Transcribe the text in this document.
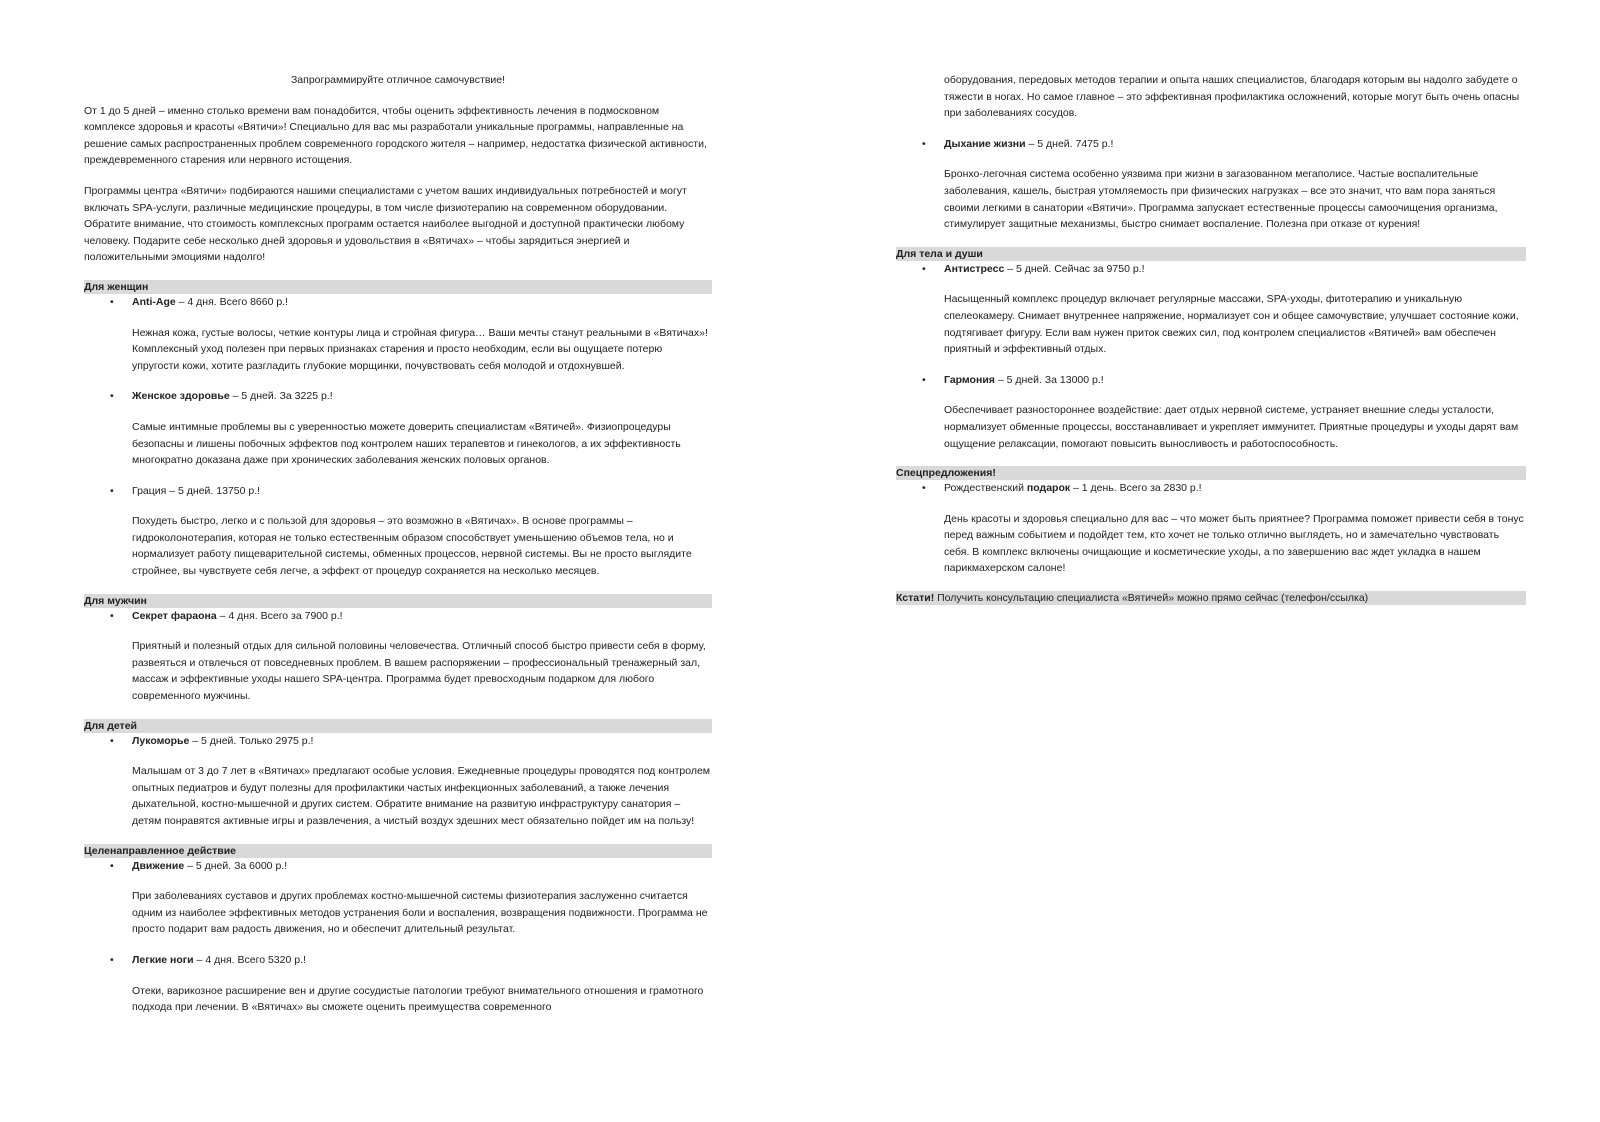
Запрограммируйте отличное самочувствие!

От 1 до 5 дней – именно столько времени вам понадобится, чтобы оценить эффективность лечения в подмосковном комплексе здоровья и красоты «Вятичи»! Специально для вас мы разработали уникальные программы, направленные на решение самых распространенных проблем современного городского жителя – например, недостатка физической активности, преждевременного старения или нервного истощения.

Программы центра «Вятичи» подбираются нашими специалистами с учетом ваших индивидуальных потребностей и могут включать SPA-услуги, различные медицинские процедуры, в том числе физиотерапию на современном оборудовании. Обратите внимание, что стоимость комплексных программ остается наиболее выгодной и доступной практически любому человеку. Подарите себе несколько дней здоровья и удовольствия в «Вятичах» – чтобы зарядиться энергией и положительными эмоциями надолго!

Для женщин
• Anti-Age – 4 дня. Всего 8660 р.!
Нежная кожа, густые волосы, четкие контуры лица и стройная фигура… Ваши мечты станут реальными в «Вятичах»! Комплексный уход полезен при первых признаках старения и просто необходим, если вы ощущаете потерю упругости кожи, хотите разгладить глубокие морщинки, почувствовать себя молодой и отдохнувшей.
• Женское здоровье – 5 дней. За 3225 р.!
Самые интимные проблемы вы с уверенностью можете доверить специалистам «Вятичей». Физиопроцедуры безопасны и лишены побочных эффектов под контролем наших терапевтов и гинекологов, а их эффективность многократно доказана даже при хронических заболевания женских половых органов.
• Грация – 5 дней. 13750 р.!
Похудеть быстро, легко и с пользой для здоровья – это возможно в «Вятичах». В основе программы – гидроколонотерапия, которая не только естественным образом способствует уменьшению объемов тела, но и нормализует работу пищеварительной системы, обменных процессов, нервной системы. Вы не просто выглядите стройнее, вы чувствуете себя легче, а эффект от процедур сохраняется на несколько месяцев.
Для мужчин
• Секрет фараона – 4 дня. Всего за 7900 р.!
Приятный и полезный отдых для сильной половины человечества. Отличный способ быстро привести себя в форму, развеяться и отвлечься от повседневных проблем. В вашем распоряжении – профессиональный тренажерный зал, массаж и эффективные уходы нашего SPA-центра. Программа будет превосходным подарком для любого современного мужчины.
Для детей
• Лукоморье – 5 дней. Только 2975 р.!
Малышам от 3 до 7 лет в «Вятичах» предлагают особые условия. Ежедневные процедуры проводятся под контролем опытных педиатров и будут полезны для профилактики частых инфекционных заболеваний, а также лечения дыхательной, костно-мышечной и других систем. Обратите внимание на развитую инфраструктуру санатория – детям понравятся активные игры и развлечения, а чистый воздух здешних мест обязательно пойдет им на пользу!
Целенаправленное действие
• Движение – 5 дней. За 6000 р.!
При заболеваниях суставов и других проблемах костно-мышечной системы физиотерапия заслуженно считается одним из наиболее эффективных методов устранения боли и воспаления, возвращения подвижности. Программа не просто подарит вам радость движения, но и обеспечит длительный результат.
• Легкие ноги – 4 дня. Всего 5320 р.!
Отеки, варикозное расширение вен и другие сосудистые патологии требуют внимательного отношения и грамотного подхода при лечении. В «Вятичах» вы сможете оценить преимущества современного
оборудования, передовых методов терапии и опыта наших специалистов, благодаря которым вы надолго забудете о тяжести в ногах. Но самое главное – это эффективная профилактика осложнений, которые могут быть очень опасны при заболеваниях сосудов.
• Дыхание жизни – 5 дней. 7475 р.!
Бронхо-легочная система особенно уязвима при жизни в загазованном мегаполисе. Частые воспалительные заболевания, кашель, быстрая утомляемость при физических нагрузках – все это значит, что вам пора заняться своими легкими в санатории «Вятичи». Программа запускает естественные процессы самоочищения организма, стимулирует защитные механизмы, быстро снимает воспаление. Полезна при отказе от курения!
Для тела и души
• Антистресс – 5 дней. Сейчас за 9750 р.!
Насыщенный комплекс процедур включает регулярные массажи, SPA-уходы, фитотерапию и уникальную спелеокамеру. Снимает внутреннее напряжение, нормализует сон и общее самочувствие, улучшает состояние кожи, подтягивает фигуру. Если вам нужен приток свежих сил, под контролем специалистов «Вятичей» вам обеспечен приятный и эффективный отдых.
• Гармония – 5 дней. За 13000 р.!
Обеспечивает разностороннее воздействие: дает отдых нервной системе, устраняет внешние следы усталости, нормализует обменные процессы, восстанавливает и укрепляет иммунитет. Приятные процедуры и уходы дарят вам ощущение релаксации, помогают повысить выносливость и работоспособность.
Спецпредложения!
• Рождественский подарок – 1 день. Всего за 2830 р.!
День красоты и здоровья специально для вас – что может быть приятнее? Программа поможет привести себя в тонус перед важным событием и подойдет тем, кто хочет не только отлично выглядеть, но и замечательно чувствовать себя. В комплекс включены очищающие и косметические уходы, а по завершению вас ждет укладка в нашем парикмахерском салоне!
Кстати! Получить консультацию специалиста «Вятичей» можно прямо сейчас (телефон/ссылка)
